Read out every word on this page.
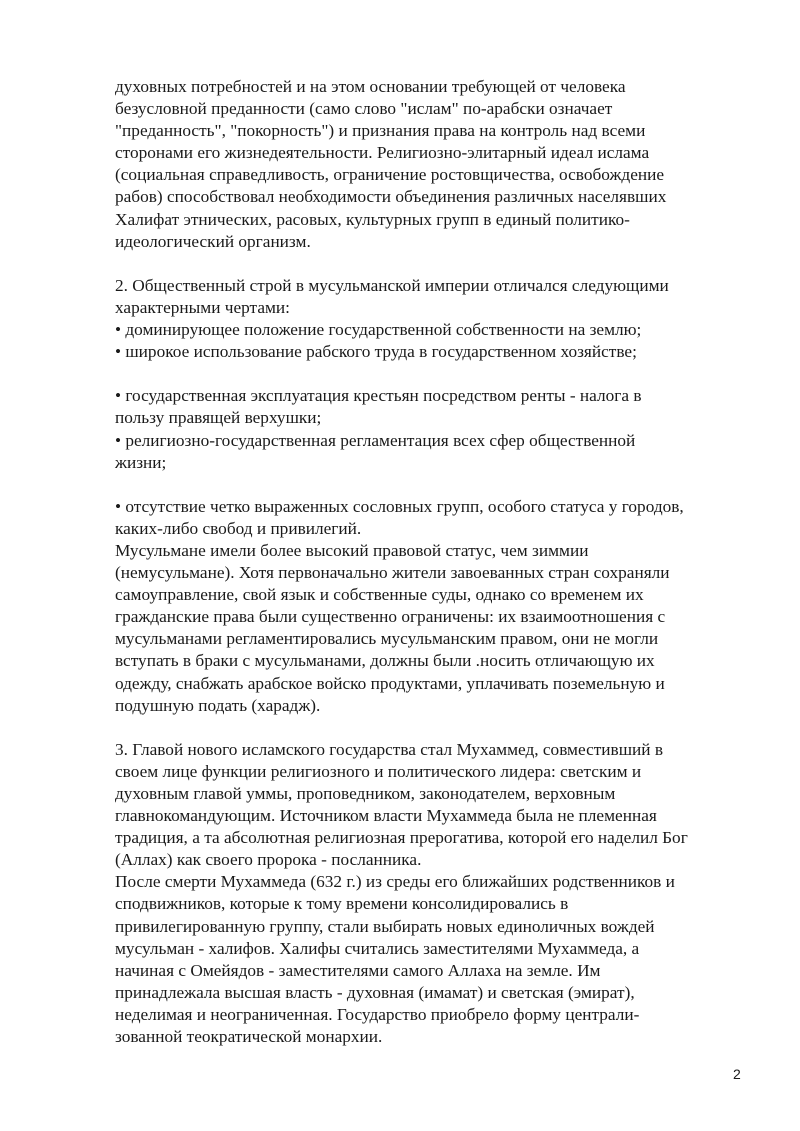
духовных потребностей и на этом основании требующей от человека
безусловной преданности (само слово "ислам" по-арабски означает
"преданность", "покорность") и признания права на контроль над всеми
сторонами его жизнедеятельности. Религиозно-элитарный идеал ислама
(социальная справедливость, ограничение ростовщичества, освобождение
рабов) способствовал необходимости объединения различных населявших
Халифат этнических, расовых, культурных групп в единый политико-
идеологический организм.
2. Общественный строй в мусульманской империи отличался следующими
характерными чертами:
• доминирующее положение государственной собственности на землю;
• широкое использование рабского труда в государственном хозяйстве;
• государственная эксплуатация крестьян посредством ренты - налога в
пользу правящей верхушки;
• религиозно-государственная регламентация всех сфер общественной
жизни;
• отсутствие четко выраженных сословных групп, особого статуса у городов,
каких-либо свобод и привилегий.
Мусульмане имели более высокий правовой статус, чем зиммии
(немусульмане). Хотя первоначально жители завоеванных стран сохраняли
самоуправление, свой язык и собственные суды, однако со временем их
гражданские права были существенно ограничены: их взаимоотношения с
мусульманами регламентировались мусульманским правом, они не могли
вступать в браки с мусульманами, должны были .носить отличающую их
одежду, снабжать арабское войско продуктами, уплачивать поземельную и
подушную подать (харадж).
3. Главой нового исламского государства стал Мухаммед, совместивший в
своем лице функции религиозного и политического лидера: светским и
духовным главой уммы, проповедником, законодателем, верховным
главнокомандующим. Источником власти Мухаммеда была не племенная
традиция, а та абсолютная религиозная прерогатива, которой его наделил Бог
(Аллах) как своего пророка - посланника.
После смерти Мухаммеда (632 г.) из среды его ближайших родственников и
сподвижников, которые к тому времени консолидировались в
привилегированную группу, стали выбирать новых единоличных вождей
мусульман - халифов. Халифы считались заместителями Мухаммеда, а
начиная с Омейядов - заместителями самого Аллаха на земле. Им
принадлежала высшая власть - духовная (имамат) и светская (эмират),
неделимая и неограниченная. Государство приобрело форму централи-
зованной теократической монархии.
2
